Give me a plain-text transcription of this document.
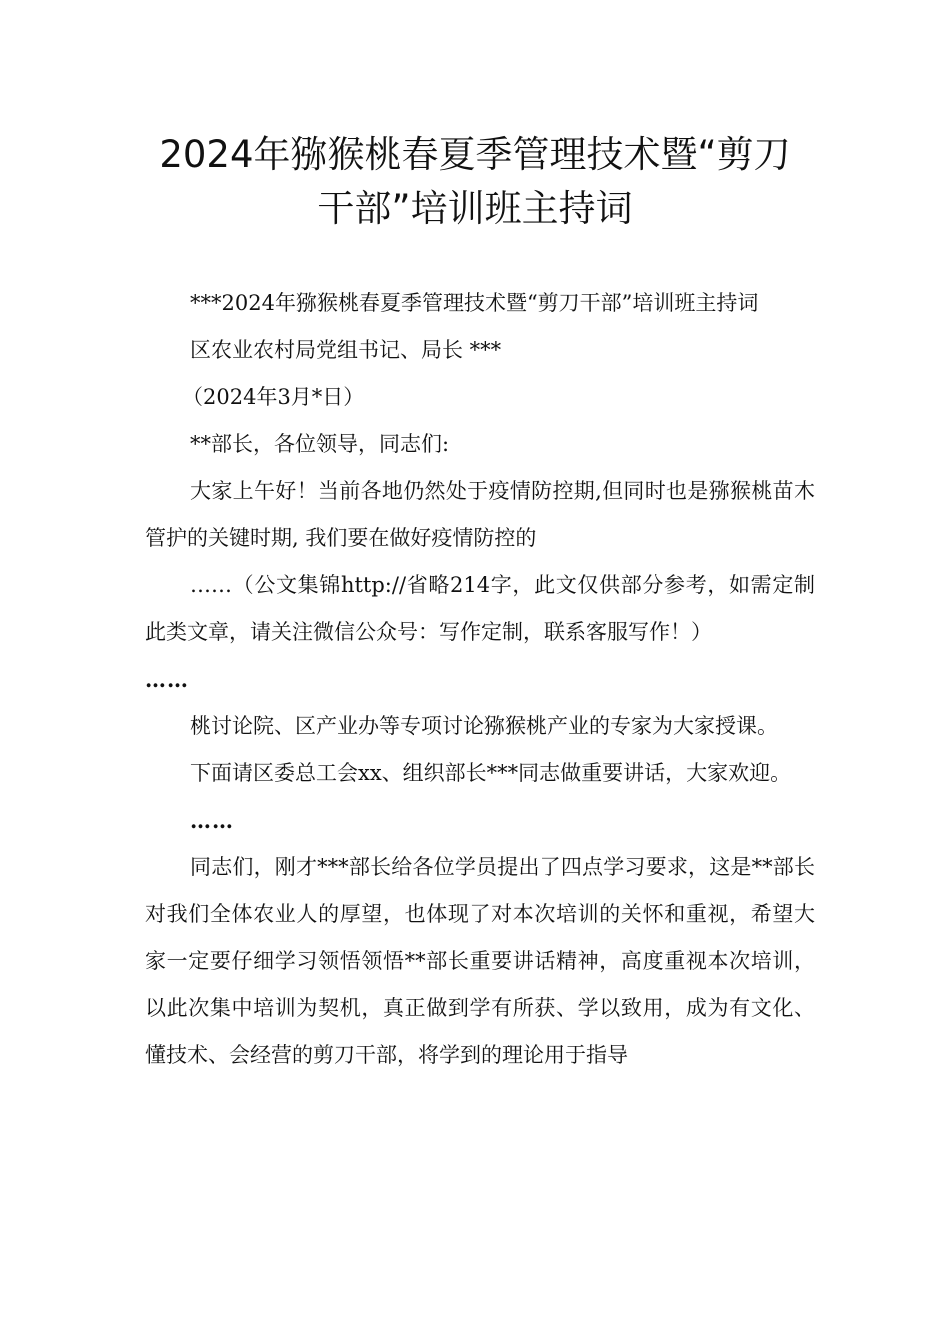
2024年猕猴桃春夏季管理技术暨“剪刀
干部”培训班主持词

***2024年猕猴桃春夏季管理技术暨“剪刀干部”培训班主持词

区农业农村局党组书记、局长 ***

（2024年3月*日）

**部长，各位领导，同志们:

大家上午好！当前各地仍然处于疫情防控期,但同时也是猕猴桃苗木管护的关键时期, 我们要在做好疫情防控的

……（公文集锦http://省略214字，此文仅供部分参考，如需定制此类文章，请关注微信公众号：写作定制，联系客服写作！）

……

桃讨论院、区产业办等专项讨论猕猴桃产业的专家为大家授课。

下面请区委总工会xx、组织部长***同志做重要讲话，大家欢迎。

……

同志们，刚才***部长给各位学员提出了四点学习要求，这是**部长对我们全体农业人的厚望，也体现了对本次培训的关怀和重视，希望大家一定要仔细学习领悟领悟**部长重要讲话精神，高度重视本次培训，以此次集中培训为契机，真正做到学有所获、学以致用，成为有文化、懂技术、会经营的剪刀干部，将学到的理论用于指导
